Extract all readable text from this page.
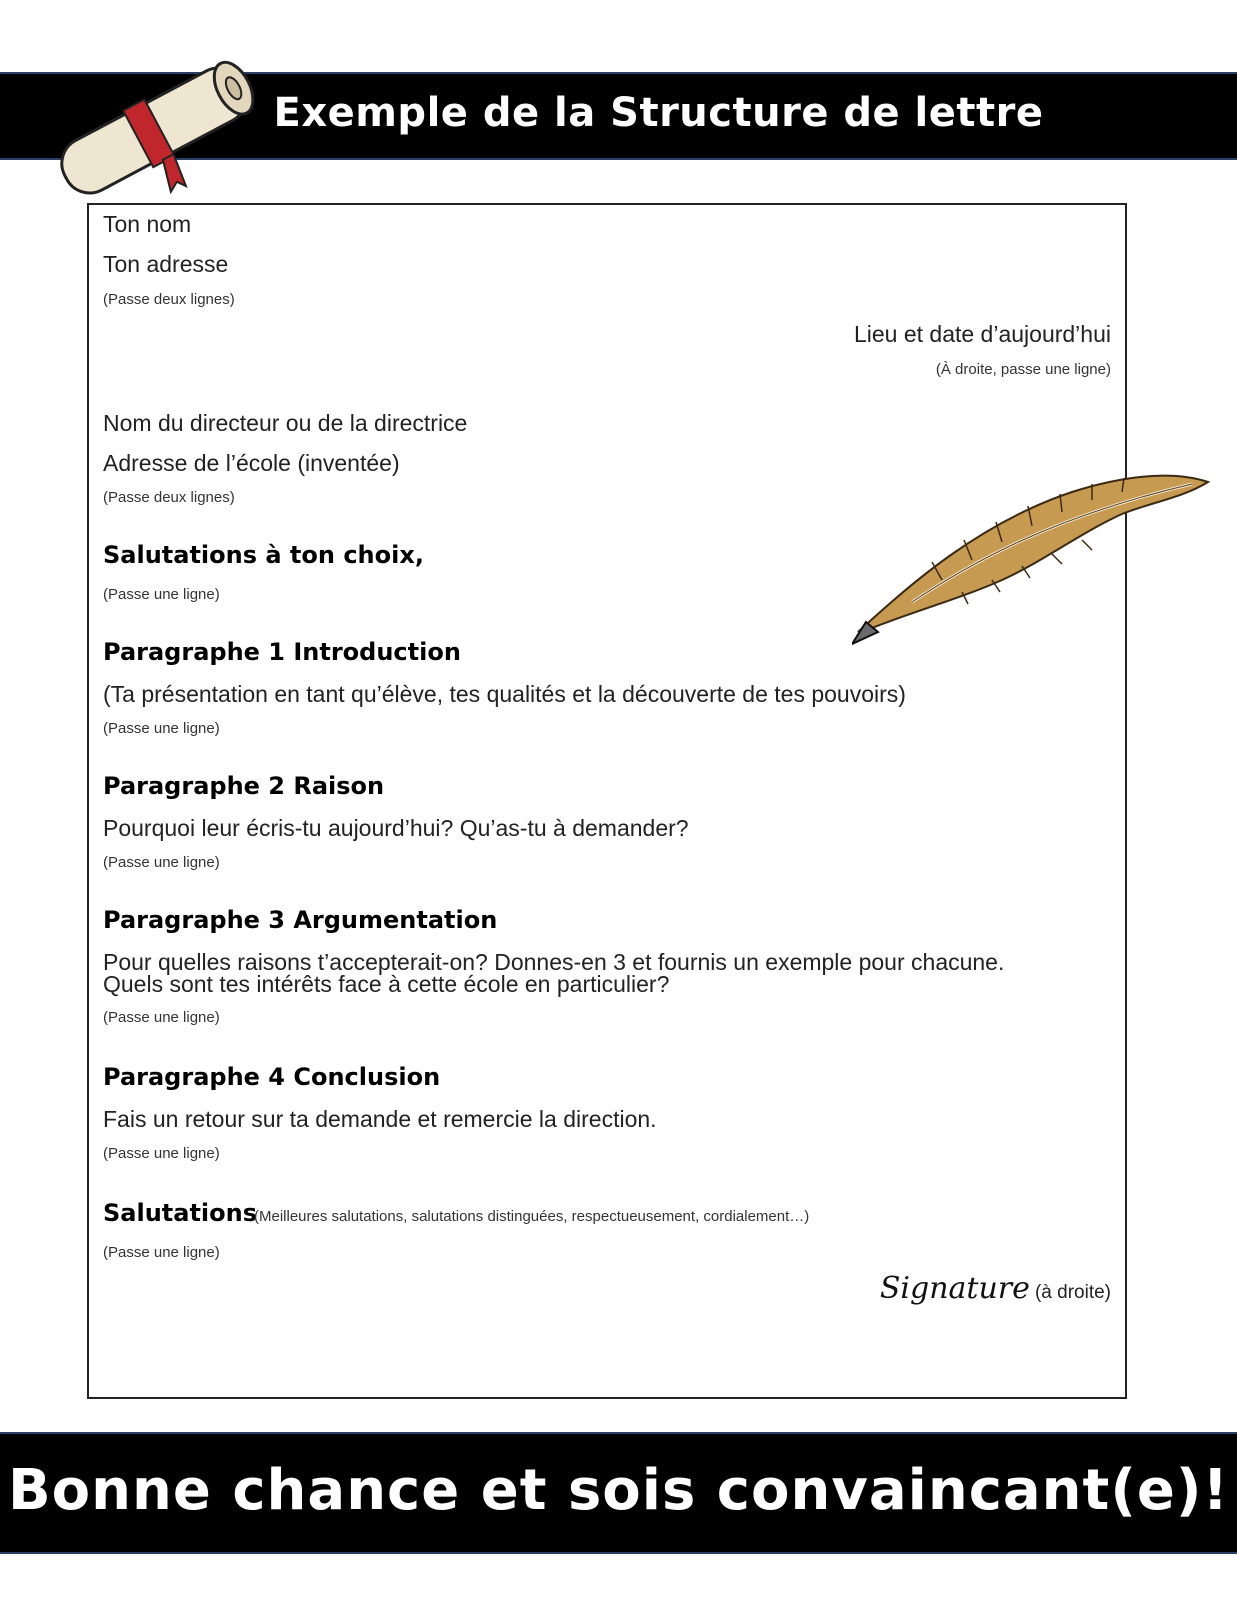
Exemple de la Structure de lettre
Ton nom
Ton adresse
(Passe deux lignes)
Lieu et date d’aujourd’hui
(À droite, passe une ligne)
Nom du directeur ou de la directrice
Adresse de l’école (inventée)
(Passe deux lignes)
Salutations à ton choix,
(Passe une ligne)
Paragraphe 1 Introduction
(Ta présentation en tant qu’élève, tes qualités et la découverte de tes pouvoirs)
(Passe une ligne)
Paragraphe 2 Raison
Pourquoi leur écris-tu aujourd’hui? Qu’as-tu à demander?
(Passe une ligne)
Paragraphe 3 Argumentation
Pour quelles raisons t’accepterait-on? Donnes-en 3 et fournis un exemple pour chacune.
Quels sont tes intérêts face à cette école en particulier?
(Passe une ligne)
Paragraphe 4 Conclusion
Fais un retour sur ta demande et remercie la direction.
(Passe une ligne)
Salutations
(Meilleures salutations, salutations distinguées, respectueusement, cordialement…)
(Passe une ligne)
Signature (à droite)
Bonne chance et sois convaincant(e)!
